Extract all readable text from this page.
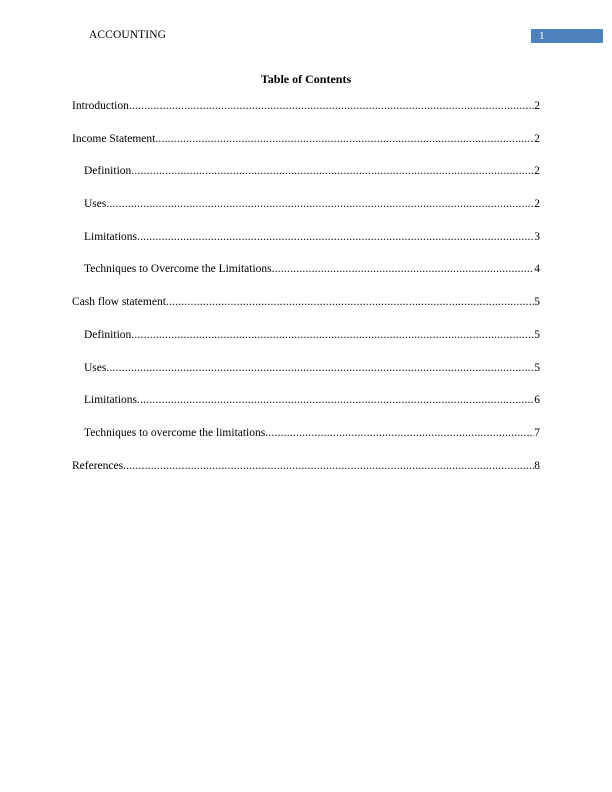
ACCOUNTING	1
Table of Contents
Introduction .....	2
Income Statement .....	2
Definition .....	2
Uses .....	2
Limitations .....	3
Techniques to Overcome the Limitations .....	4
Cash flow statement .....	5
Definition .....	5
Uses .....	5
Limitations .....	6
Techniques to overcome the limitations .....	7
References .....	8
